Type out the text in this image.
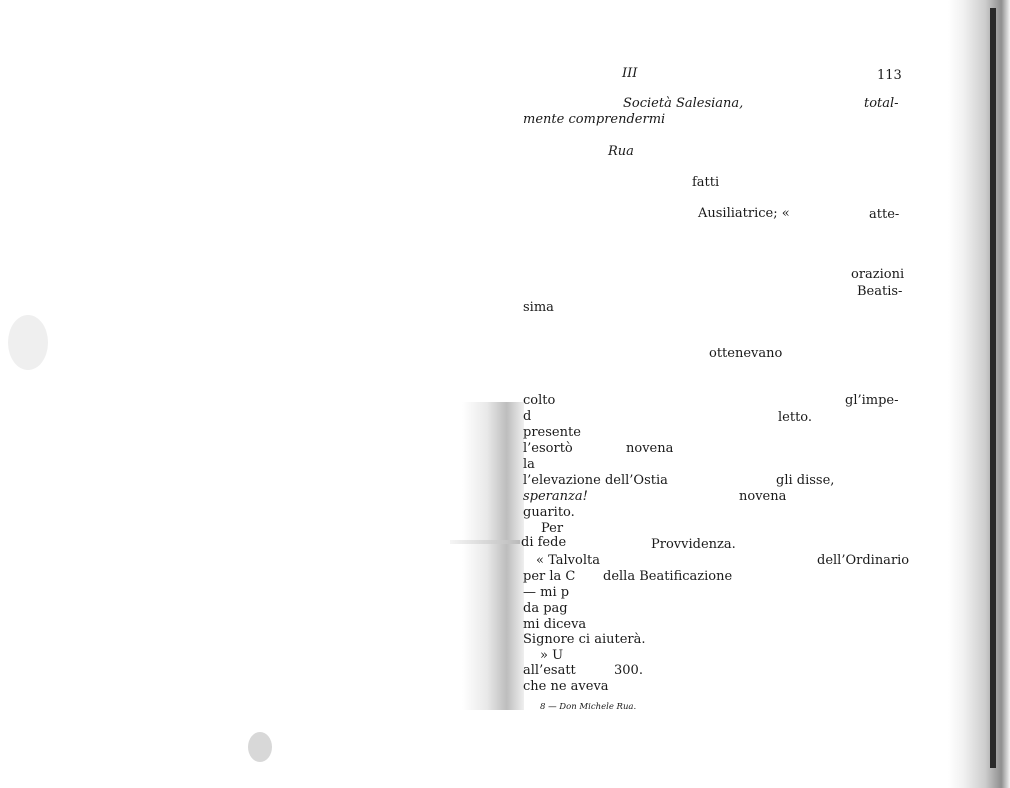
III	113
Società Salesiana,	total-
mente comprendermi
Rua
fatti
Ausiliatrice; «	atte-
orazioni
Beatis-
sima
ottenevano
colto	gl’impe-
d	letto.
presente
l’esortò	novena
la
l’elevazione dell’Ostia	gli disse,
speranza!	novena
guarito.
Per
di fede	Provvidenza.
« Talvolta	dell’Ordinario
per la C della Beatificazione
— mi p
da pag
mi diceva
Signore ci aiuterà.
» U
all’esatt	300.
che ne aveva
8 — Don Michele Rua.
